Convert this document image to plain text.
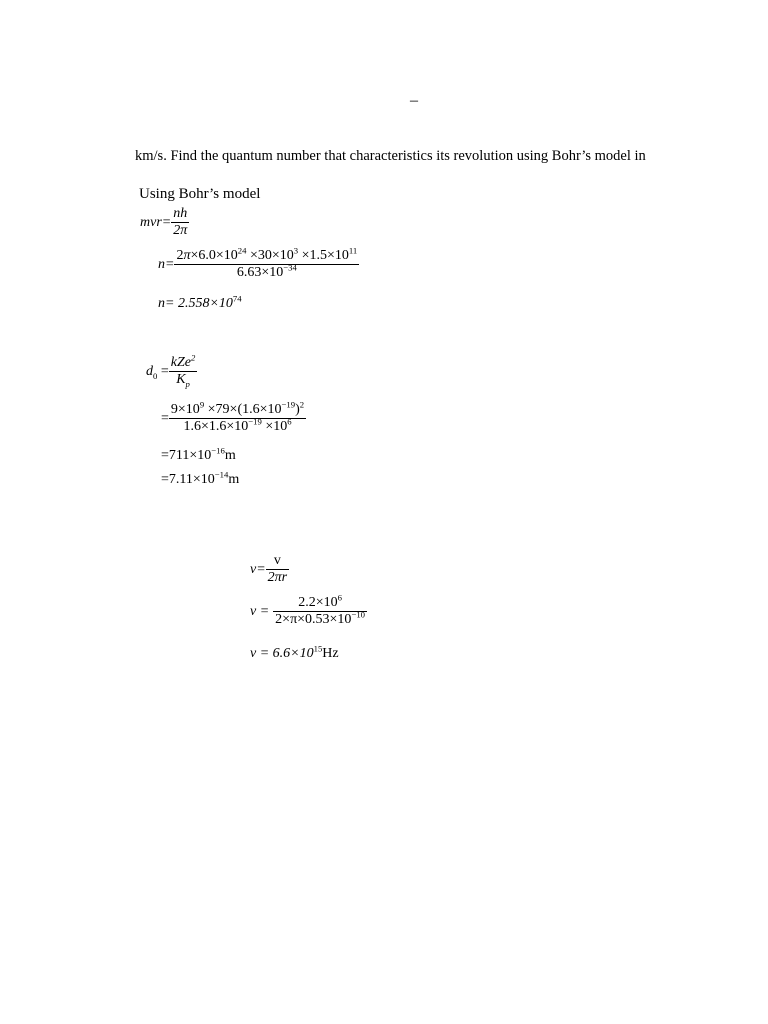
–
km/s. Find the quantum number that characteristics its revolution using Bohr’s model in
Using Bohr’s model
$mvr= \frac{nh}{2\pi}$
$n= \frac{2\pi\times 6.0\times 10^{24} \times 30\times 10^3 \times 1.5\times 10^{11}}{6.63\times 10^{-34}}$
$n= 2.558\times 10^{74}$
$d_0 = \frac{kZe^2}{K_p}$
= $\frac{9\times 10^9 \times 79\times(1.6\times 10^{-19})^2}{1.6\times 1.6\times 10^{-19} \times 10^6}$
$=711\times 10^{-16}m$
$=7.11\times 10^{-14}m$
$v= \frac{v}{2\pi r}$
$v = \frac{2.2\times 10^6}{2\times\pi\times 0.53\times 10^{-10}}$
$v = 6.6\times 10^{15}Hz$
